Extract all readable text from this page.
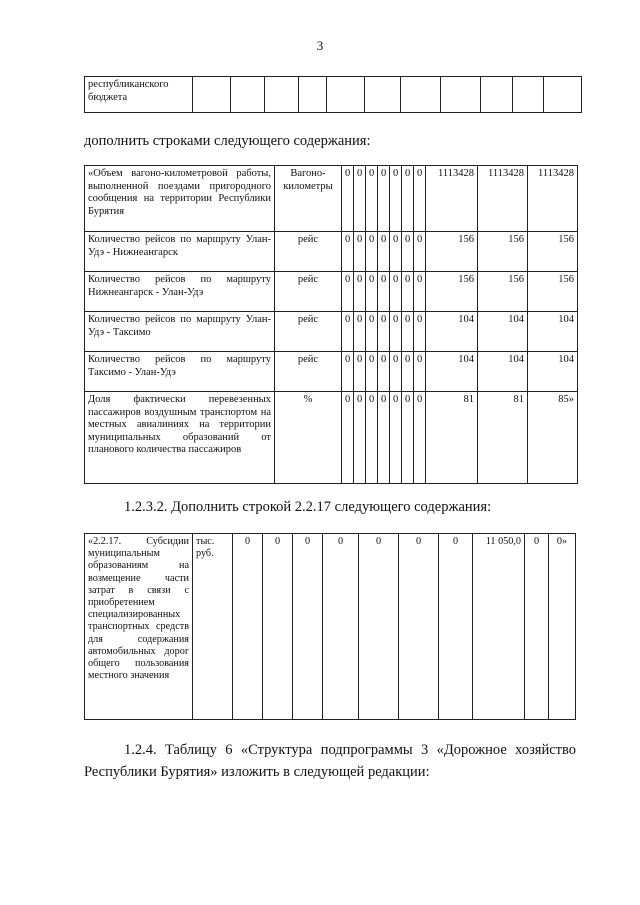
3
республиканского
бюджета											
дополнить строками следующего содержания:
«Объем вагоно-километровой работы, выполненной поездами пригородного сообщения на территории Республики Бурятия	Вагоно-километры	0	0	0	0	0	0	0	1113428	1113428	1113428
Количество рейсов по маршруту Улан-Удэ - Нижнеангарск	рейс	0	0	0	0	0	0	0	156	156	156
Количество рейсов по маршруту Нижнеангарск - Улан-Удэ	рейс	0	0	0	0	0	0	0	156	156	156
Количество рейсов по маршруту Улан-Удэ - Таксимо	рейс	0	0	0	0	0	0	0	104	104	104
Количество рейсов по маршруту Таксимо - Улан-Удэ	рейс	0	0	0	0	0	0	0	104	104	104
Доля фактически перевезенных пассажиров воздушным транспортом на местных авиалиниях на территории муниципальных образований от планового количества пассажиров	%	0	0	0	0	0	0	0	81	81	85»
1.2.3.2. Дополнить строкой 2.2.17 следующего содержания:
«2.2.17. Субсидии муниципальным образованиям на возмещение части затрат в связи с приобретением специализированных транспортных средств для содержания автомобильных дорог общего пользования местного значения	тыс. руб.	0	0	0	0	0	0	0	11 050,0	0	0»
1.2.4. Таблицу 6 «Структура подпрограммы 3 «Дорожное хозяйство
Республики Бурятия» изложить в следующей редакции:
